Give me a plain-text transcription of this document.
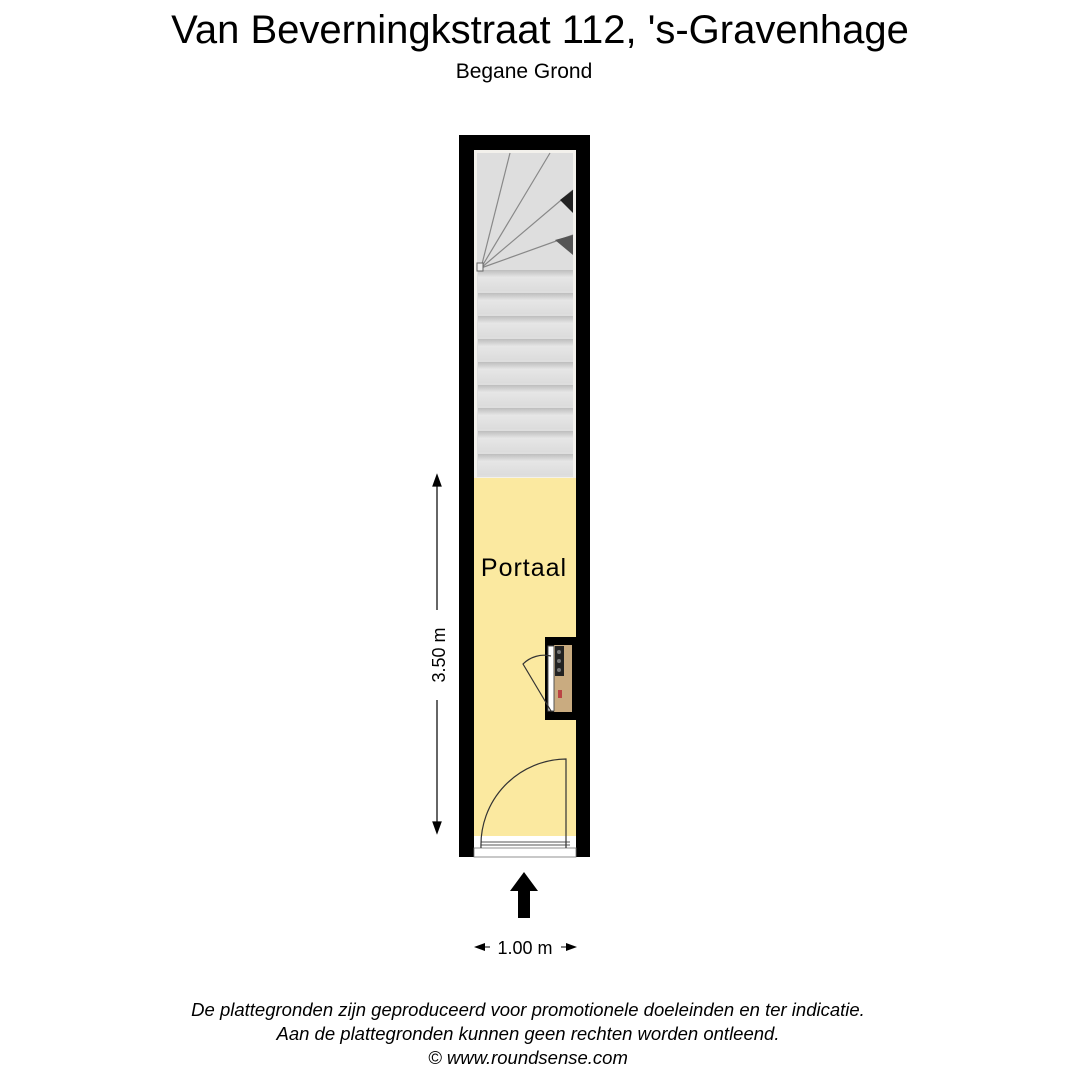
Van Beverningkstraat 112, 's-Gravenhage
Begane Grond
3.50 m
1.00 m
Portaal
De plattegronden zijn geproduceerd voor promotionele doeleinden en ter indicatie.
Aan de plattegronden kunnen geen rechten worden ontleend.
© www.roundsense.com
